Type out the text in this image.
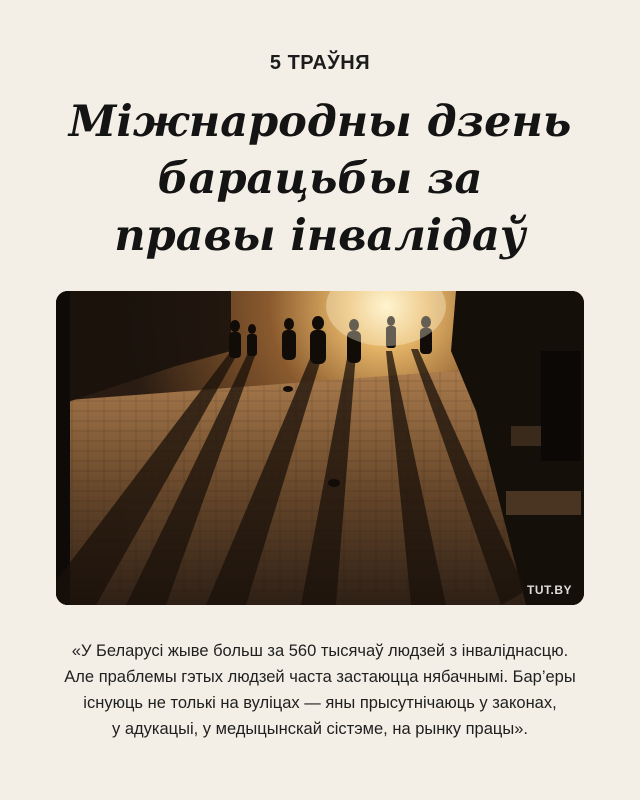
5 ТРАЎНЯ
Міжнародны дзень
барацьбы за
правы інвалідаў
TUT.BY
«У Беларусі жыве больш за 560 тысячаў людзей з інваліднасцю.
Але праблемы гэтых людзей часта застаюцца нябачнымі. Бар’еры
існуюць не толькі на вуліцах — яны прысутнічаюць у законах,
у адукацыі, у медыцынскай сістэме, на рынку працы».
